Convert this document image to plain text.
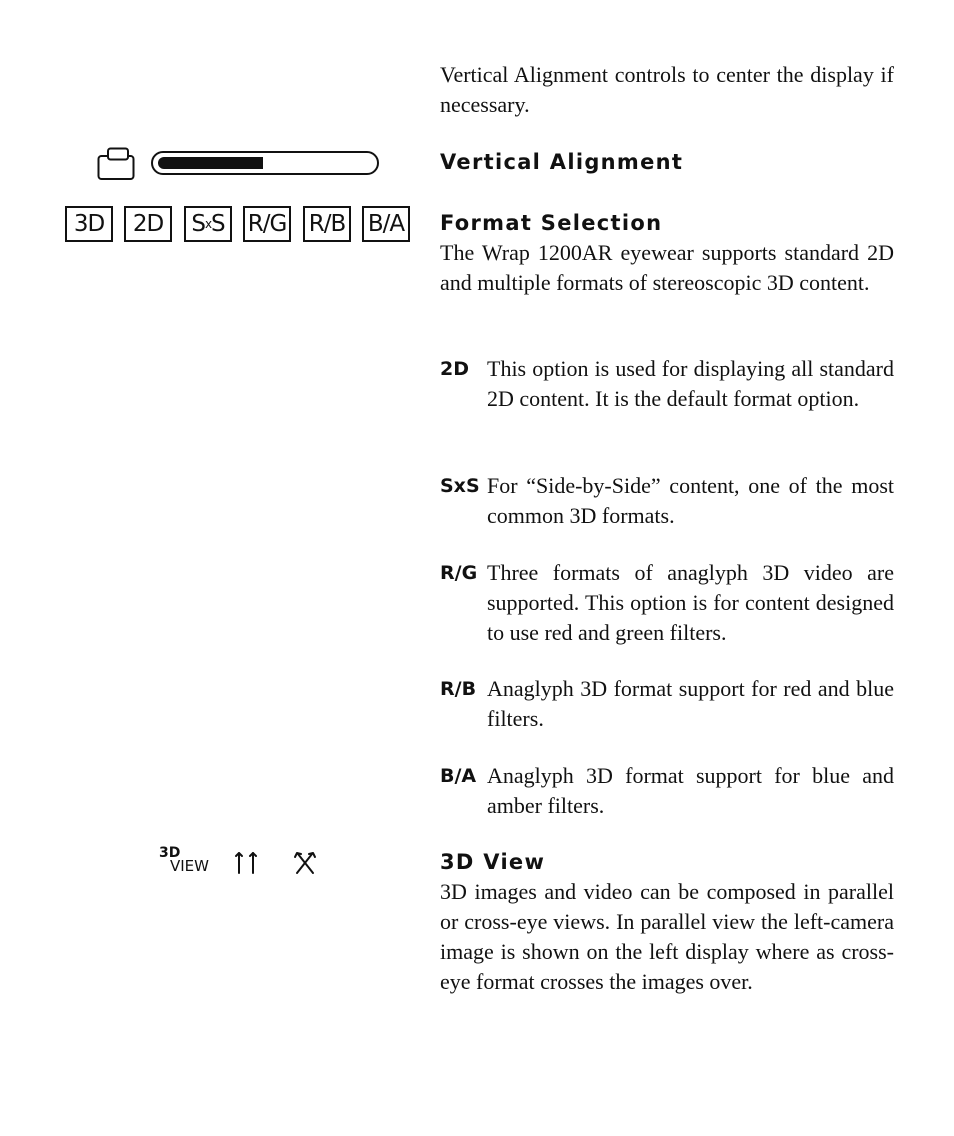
Vertical Alignment controls to center the display if necessary.
Vertical Alignment
3D 2D S x S R/G R/B B/A Format Selection
The Wrap 1200AR eyewear supports standard 2D and multiple formats of stereoscopic 3D content.
2D This option is used for displaying all standard 2D content. It is the default format option.
SxS For “Side-by-Side” content, one of the most common 3D formats.
R/G Three formats of anaglyph 3D video are supported. This option is for content designed to use red and green filters.
R/B Anaglyph 3D format support for red and blue filters.
B/A Anaglyph 3D format support for blue and amber filters.
3D
VIEW	3D View
3D images and video can be composed in parallel or cross-eye views. In parallel view the left-camera image is shown on the left display where as cross-eye format crosses the images over.
